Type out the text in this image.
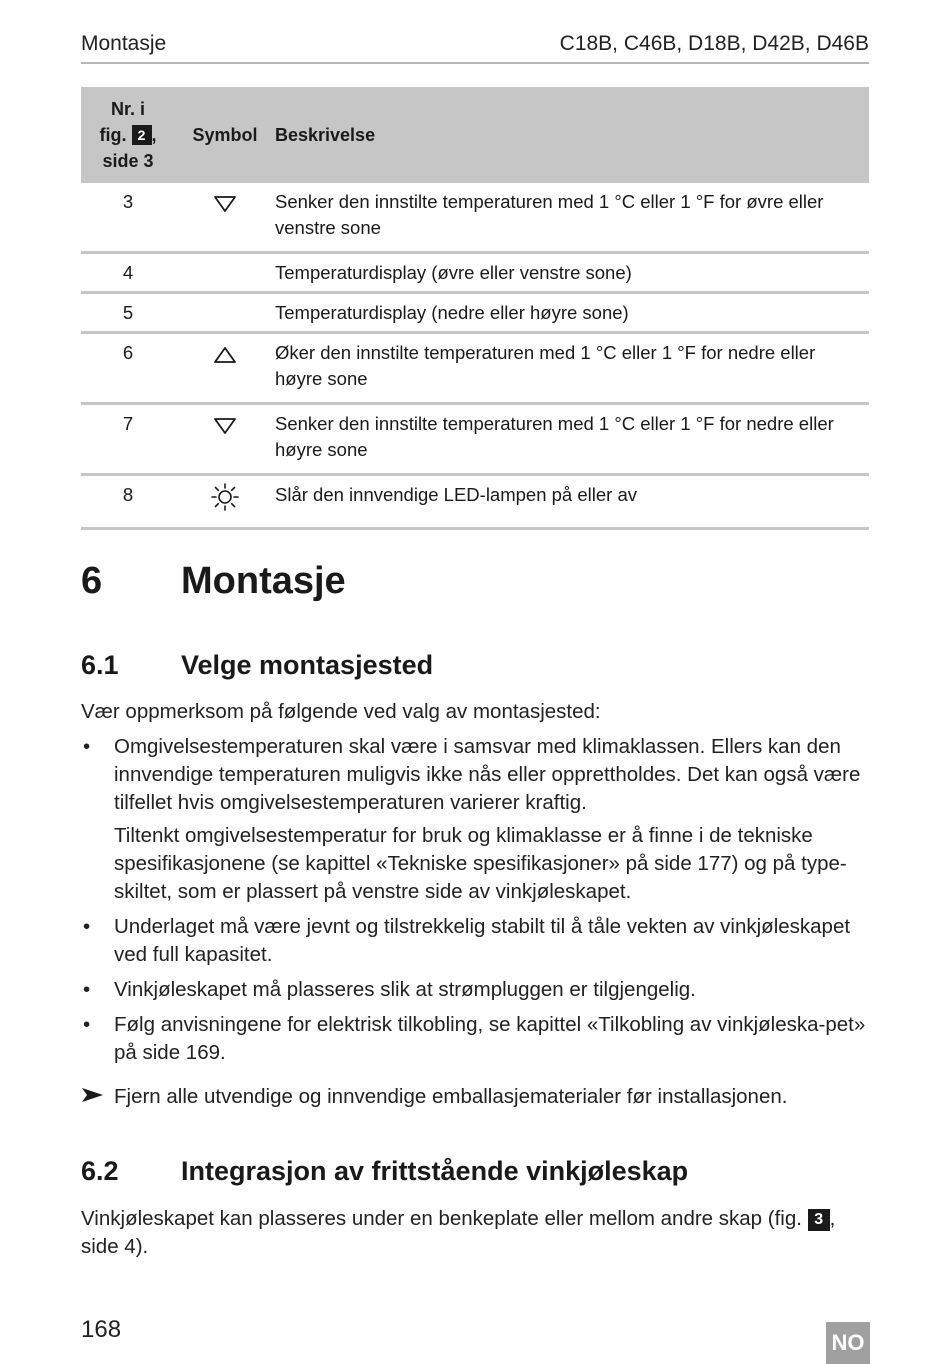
Montasje	C18B, C46B, D18B, D42B, D46B
Nr. i
fig. 2 ,
side 3
Symbol Beskrivelse
3	Senker den innstilte temperaturen med 1 °C eller 1 °F for øvre eller venstre sone
4	Temperaturdisplay (øvre eller venstre sone)
5	Temperaturdisplay (nedre eller høyre sone)
6	Øker den innstilte temperaturen med 1 °C eller 1 °F for nedre eller høyre sone
7	Senker den innstilte temperaturen med 1 °C eller 1 °F for nedre eller høyre sone
8	Slår den innvendige LED-lampen på eller av
6 Montasje
6.1 Velge montasjested
Vær oppmerksom på følgende ved valg av montasjested:
• Omgivelsestemperaturen skal være i samsvar med klimaklassen. Ellers kan den innvendige temperaturen muligvis ikke nås eller opprettholdes. Det kan også være tilfellet hvis omgivelsestemperaturen varierer kraftig.
Tiltenkt omgivelsestemperatur for bruk og klimaklasse er å finne i de tekniske spesifikasjonene (se kapittel «Tekniske spesifikasjoner» på side 177) og på type-skiltet, som er plassert på venstre side av vinkjøleskapet.
• Underlaget må være jevnt og tilstrekkelig stabilt til å tåle vekten av vinkjøleskapet ved full kapasitet.
• Vinkjøleskapet må plasseres slik at strømpluggen er tilgjengelig.
• Følg anvisningene for elektrisk tilkobling, se kapittel «Tilkobling av vinkjøleska-pet» på side 169.
Fjern alle utvendige og innvendige emballasjematerialer før installasjonen.
6.2 Integrasjon av frittstående vinkjøleskap
Vinkjøleskapet kan plasseres under en benkeplate eller mellom andre skap (fig. 3 ,
side 4).
168	NO
